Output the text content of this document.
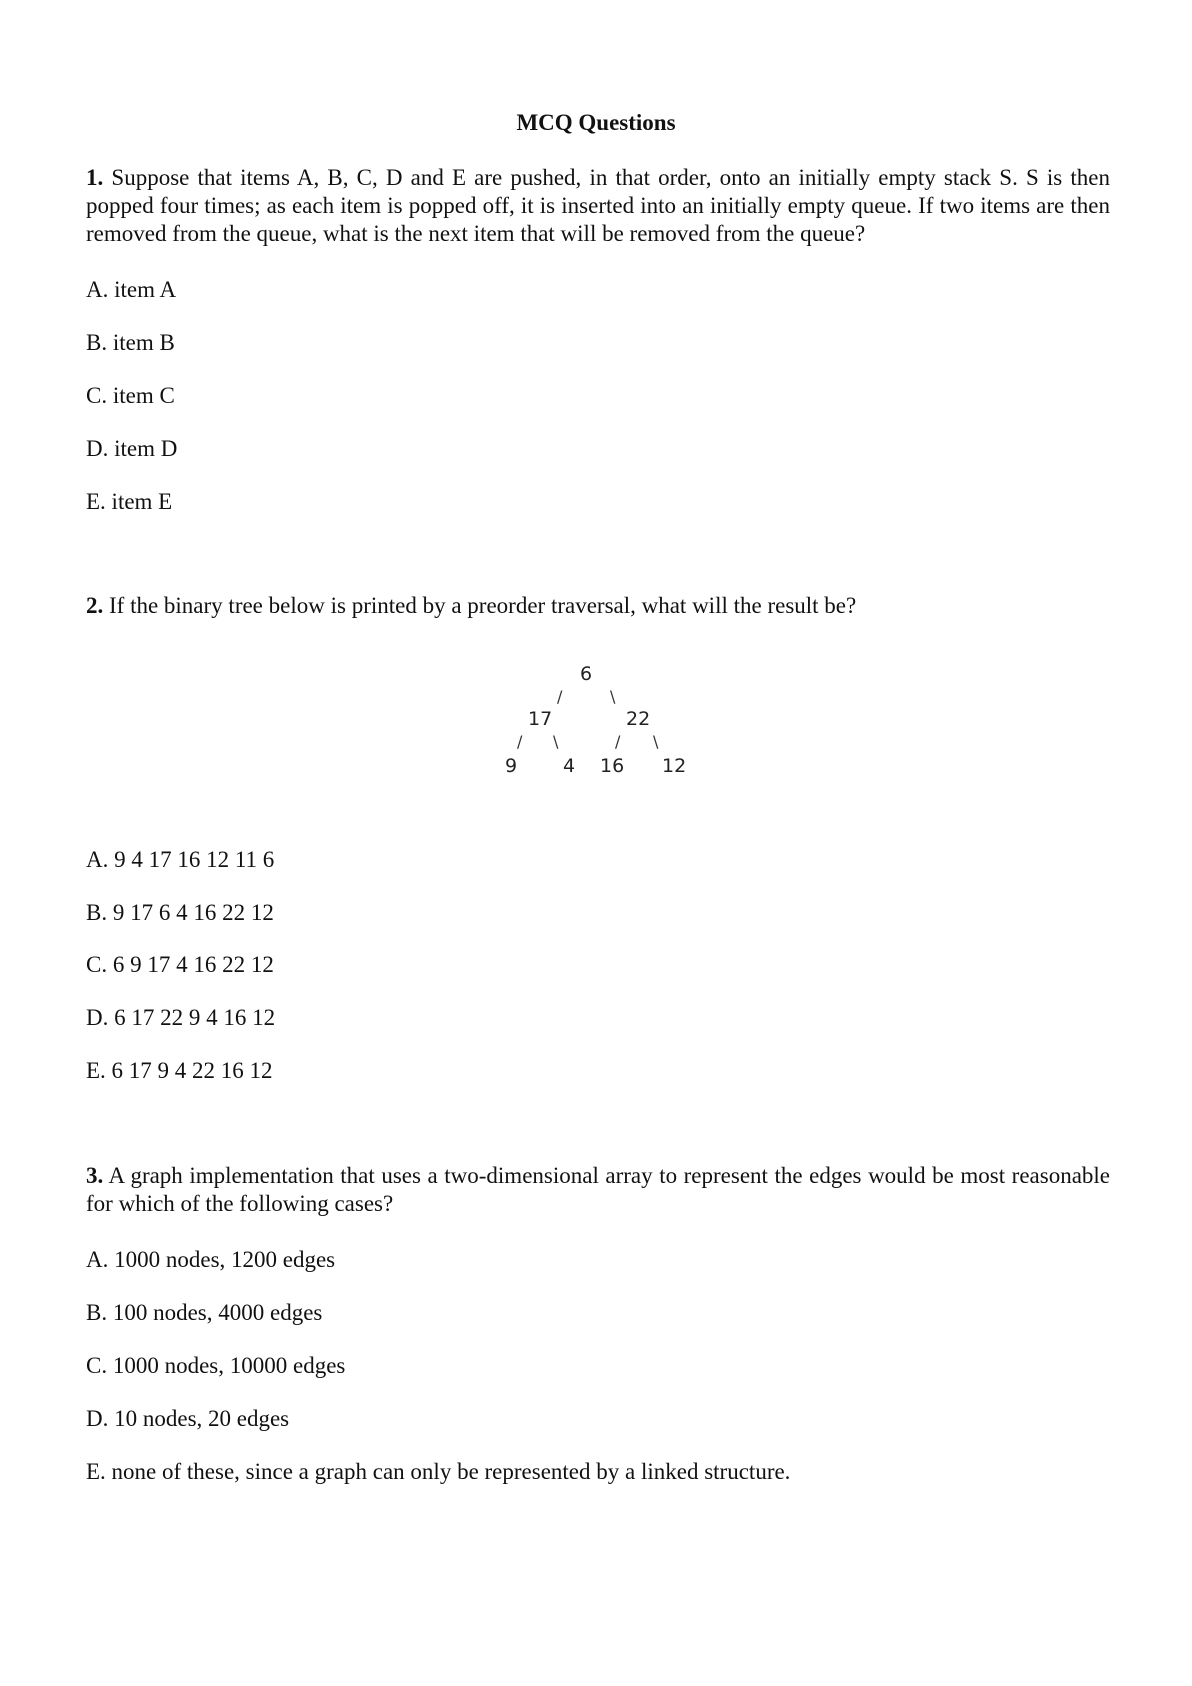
MCQ Questions
1. Suppose that items A, B, C, D and E are pushed, in that order, onto an initially empty stack S. S is then popped four times; as each item is popped off, it is inserted into an initially empty queue. If two items are then removed from the queue, what is the next item that will be removed from the queue?
A. item A
B. item B
C. item C
D. item D
E. item E
2. If the binary tree below is printed by a preorder traversal, what will the result be?
6
/	\
17	22
/ \	/ \
9 4 16 12
A. 9 4 17 16 12 11 6
B. 9 17 6 4 16 22 12
C. 6 9 17 4 16 22 12
D. 6 17 22 9 4 16 12
E. 6 17 9 4 22 16 12
3. A graph implementation that uses a two-dimensional array to represent the edges would be most reasonable for which of the following cases?
A. 1000 nodes, 1200 edges
B. 100 nodes, 4000 edges
C. 1000 nodes, 10000 edges
D. 10 nodes, 20 edges
E. none of these, since a graph can only be represented by a linked structure.
